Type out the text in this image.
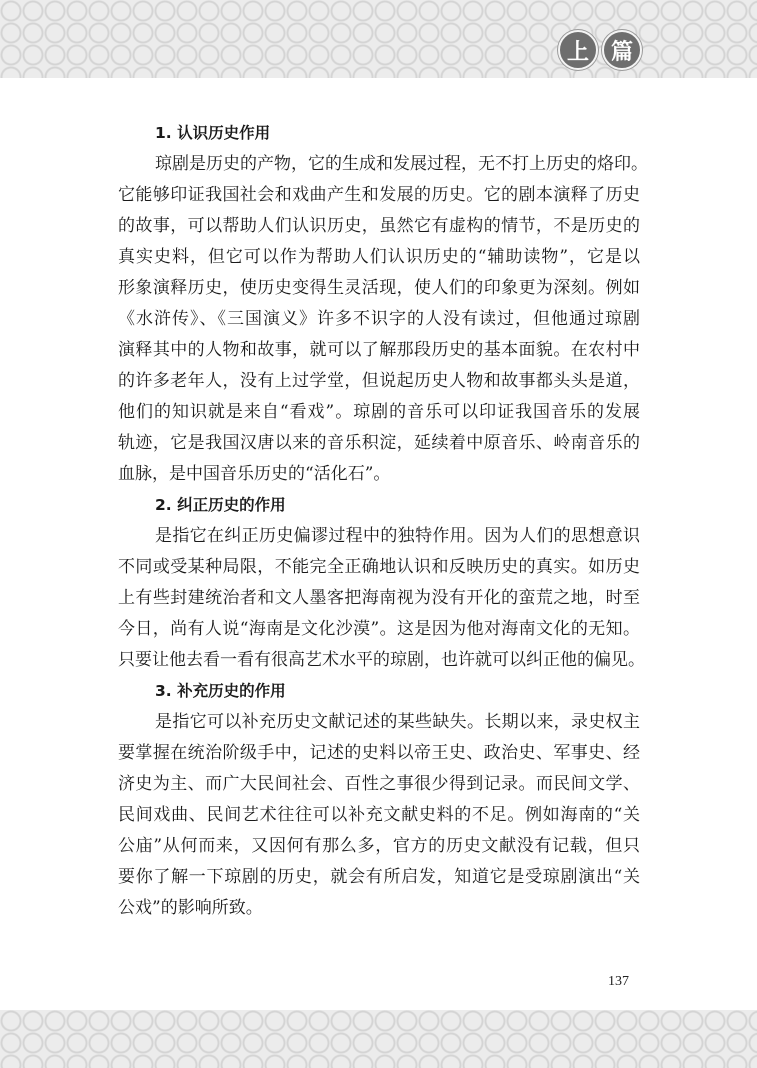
上 篇

1. 认识历史作用

琼剧是历史的产物，它的生成和发展过程，无不打上历史的烙印。

它能够印证我国社会和戏曲产生和发展的历史。它的剧本演释了历史

的故事，可以帮助人们认识历史，虽然它有虚构的情节，不是历史的

真实史料，但它可以作为帮助人们认识历史的“辅助读物”，它是以

形象演释历史，使历史变得生灵活现，使人们的印象更为深刻。例如

《水浒传》、《三国演义》许多不识字的人没有读过，但他通过琼剧

演释其中的人物和故事，就可以了解那段历史的基本面貌。在农村中

的许多老年人，没有上过学堂，但说起历史人物和故事都头头是道，

他们的知识就是来自“看戏”。琼剧的音乐可以印证我国音乐的发展

轨迹，它是我国汉唐以来的音乐积淀，延续着中原音乐、岭南音乐的

血脉，是中国音乐历史的“活化石”。

2. 纠正历史的作用

是指它在纠正历史偏谬过程中的独特作用。因为人们的思想意识

不同或受某种局限，不能完全正确地认识和反映历史的真实。如历史

上有些封建统治者和文人墨客把海南视为没有开化的蛮荒之地，时至

今日，尚有人说“海南是文化沙漠”。这是因为他对海南文化的无知。

只要让他去看一看有很高艺术水平的琼剧，也许就可以纠正他的偏见。

3. 补充历史的作用

是指它可以补充历史文献记述的某些缺失。长期以来，录史权主

要掌握在统治阶级手中，记述的史料以帝王史、政治史、军事史、经

济史为主、而广大民间社会、百性之事很少得到记录。而民间文学、

民间戏曲、民间艺术往往可以补充文献史料的不足。例如海南的“关

公庙”从何而来，又因何有那么多，官方的历史文献没有记载，但只

要你了解一下琼剧的历史，就会有所启发，知道它是受琼剧演出“关

公戏”的影响所致。

137
